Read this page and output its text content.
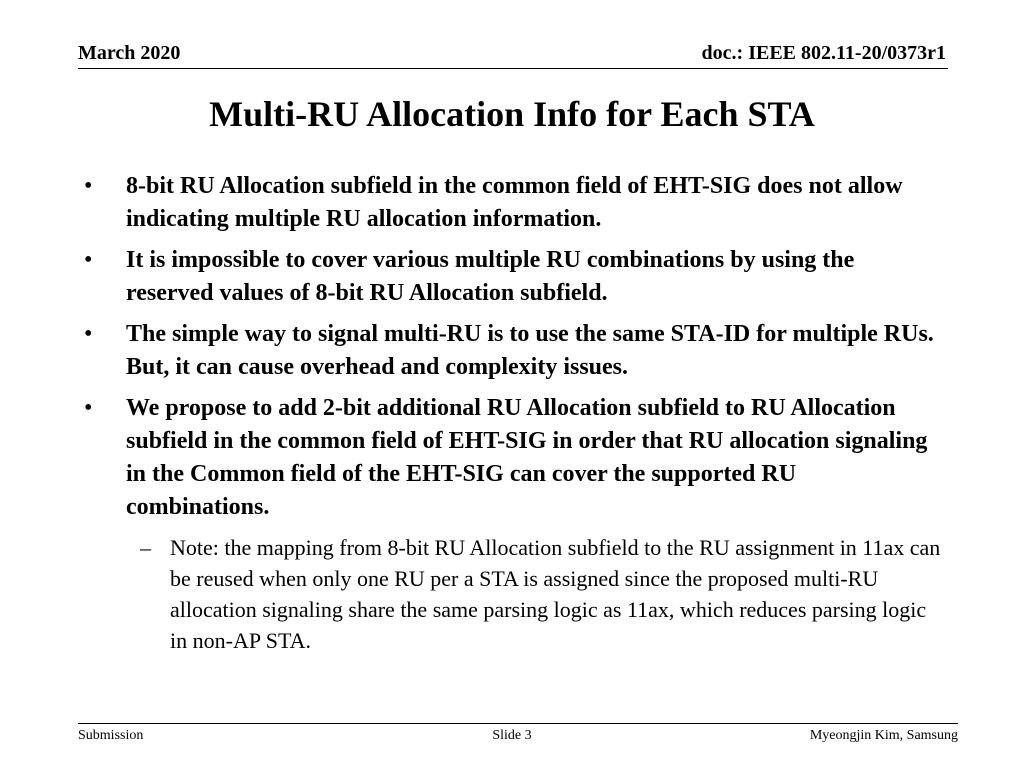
March 2020	doc.: IEEE 802.11-20/0373r1
Multi-RU Allocation Info for Each STA
• 8-bit RU Allocation subfield in the common field of EHT-SIG does not allow indicating multiple RU allocation information.
• It is impossible to cover various multiple RU combinations by using the reserved values of 8-bit RU Allocation subfield.
• The simple way to signal multi-RU is to use the same STA-ID for multiple RUs. But, it can cause overhead and complexity issues.
• We propose to add 2-bit additional RU Allocation subfield to RU Allocation subfield in the common field of EHT-SIG in order that RU allocation signaling in the Common field of the EHT-SIG can cover the supported RU combinations.
– Note: the mapping from 8-bit RU Allocation subfield to the RU assignment in 11ax can be reused when only one RU per a STA is assigned since the proposed multi-RU allocation signaling share the same parsing logic as 11ax, which reduces parsing logic in non-AP STA.
Submission	Slide 3	Myeongjin Kim, Samsung
